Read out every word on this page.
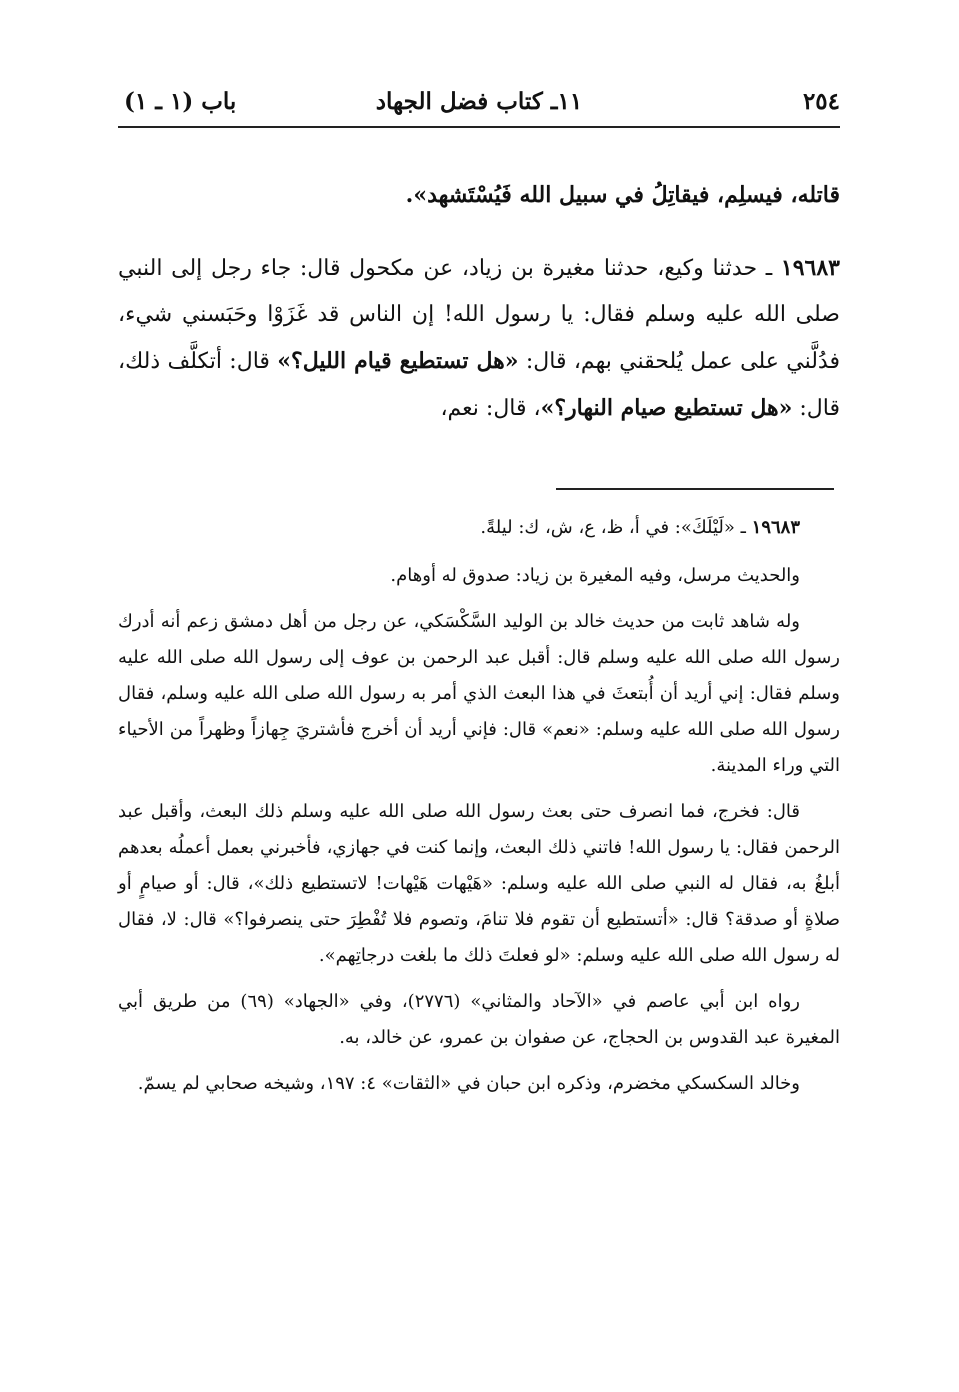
٢٥٤
١١ـ كتاب فضل الجهاد
باب (١ ـ ١)

قاتله، فيسلِم، فيقاتِلُ في سبيل الله فَيُسْتَشهد».

١٩٦٨٣ ـ حدثنا وكيع، حدثنا مغيرة بن زياد، عن مكحول قال: جاء رجل إلى النبي صلى الله عليه وسلم فقال: يا رسول الله! إن الناس قد غَزَوْا وحَبَسني شيء، فدُلَّني على عمل يُلحقني بهم، قال: «هل تستطيع قيام الليل؟» قال: أتكلَّف ذلك، قال: «هل تستطيع صيام النهار؟»، قال: نعم،

١٩٦٨٣ ـ «لَيْلَكَ»: في أ، ظ، ع، ش، ك: ليلةً.

والحديث مرسل، وفيه المغيرة بن زياد: صدوق له أوهام.

وله شاهد ثابت من حديث خالد بن الوليد السَّكْسَكي، عن رجل من أهل دمشق زعم أنه أدرك رسول الله صلى الله عليه وسلم قال: أقبل عبد الرحمن بن عوف إلى رسول الله صلى الله عليه وسلم فقال: إني أريد أن أُبتعثَ في هذا البعث الذي أمر به رسول الله صلى الله عليه وسلم، فقال رسول الله صلى الله عليه وسلم: «نعم» قال: فإني أريد أن أخرج فأشتريَ جِهازاً وظهراً من الأحياء التي وراء المدينة.

قال: فخرج، فما انصرف حتى بعث رسول الله صلى الله عليه وسلم ذلك البعث، وأقبل عبد الرحمن فقال: يا رسول الله! فاتني ذلك البعث، وإنما كنت في جهازي، فأخبرني بعمل أعملُه بعدهم أبلغُ به، فقال له النبي صلى الله عليه وسلم: «هَيْهات هَيْهات! لاتستطيع ذلك»، قال: أو صيامٍ أو صلاةٍ أو صدقة؟ قال: «أتستطيع أن تقوم فلا تنامَ، وتصوم فلا تُفْطِرَ حتى ينصرفوا؟» قال: لا، فقال له رسول الله صلى الله عليه وسلم: «لو فعلتَ ذلك ما بلغت درجاتِهم».

رواه ابن أبي عاصم في «الآحاد والمثاني» (٢٧٧٦)، وفي «الجهاد» (٦٩) من طريق أبي المغيرة عبد القدوس بن الحجاج، عن صفوان بن عمرو، عن خالد، به.

وخالد السكسكي مخضرم، وذكره ابن حبان في «الثقات» ٤: ١٩٧، وشيخه صحابي لم يسمّ.
